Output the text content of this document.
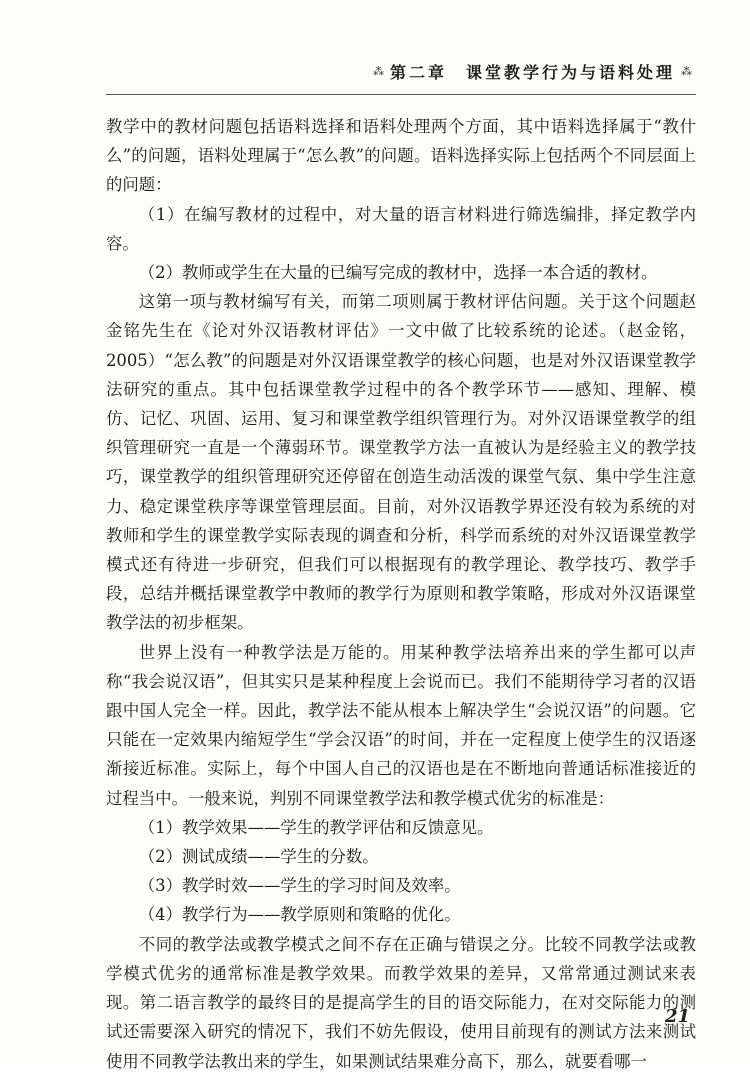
⁂ 第二章　课堂教学行为与语料处理 ⁂

教学中的教材问题包括语料选择和语料处理两个方面，其中语料选择属于“教什么”的问题，语料处理属于“怎么教”的问题。语料选择实际上包括两个不同层面上的问题：

（1）在编写教材的过程中，对大量的语言材料进行筛选编排，择定教学内容。

（2）教师或学生在大量的已编写完成的教材中，选择一本合适的教材。

这第一项与教材编写有关，而第二项则属于教材评估问题。关于这个问题赵金铭先生在《论对外汉语教材评估》一文中做了比较系统的论述。（赵金铭，2005）“怎么教”的问题是对外汉语课堂教学的核心问题，也是对外汉语课堂教学法研究的重点。其中包括课堂教学过程中的各个教学环节——感知、理解、模仿、记忆、巩固、运用、复习和课堂教学组织管理行为。对外汉语课堂教学的组织管理研究一直是一个薄弱环节。课堂教学方法一直被认为是经验主义的教学技巧，课堂教学的组织管理研究还停留在创造生动活泼的课堂气氛、集中学生注意力、稳定课堂秩序等课堂管理层面。目前，对外汉语教学界还没有较为系统的对教师和学生的课堂教学实际表现的调查和分析，科学而系统的对外汉语课堂教学模式还有待进一步研究，但我们可以根据现有的教学理论、教学技巧、教学手段，总结并概括课堂教学中教师的教学行为原则和教学策略，形成对外汉语课堂教学法的初步框架。

世界上没有一种教学法是万能的。用某种教学法培养出来的学生都可以声称“我会说汉语”，但其实只是某种程度上会说而已。我们不能期待学习者的汉语跟中国人完全一样。因此，教学法不能从根本上解决学生“会说汉语”的问题。它只能在一定效果内缩短学生“学会汉语”的时间，并在一定程度上使学生的汉语逐渐接近标准。实际上，每个中国人自己的汉语也是在不断地向普通话标准接近的过程当中。一般来说，判别不同课堂教学法和教学模式优劣的标准是：

（1）教学效果——学生的教学评估和反馈意见。

（2）测试成绩——学生的分数。

（3）教学时效——学生的学习时间及效率。

（4）教学行为——教学原则和策略的优化。

不同的教学法或教学模式之间不存在正确与错误之分。比较不同教学法或教学模式优劣的通常标准是教学效果。而教学效果的差异，又常常通过测试来表现。第二语言教学的最终目的是提高学生的目的语交际能力，在对交际能力的测试还需要深入研究的情况下，我们不妨先假设，使用目前现有的测试方法来测试使用不同教学法教出来的学生，如果测试结果难分高下，那么，就要看哪一

21
